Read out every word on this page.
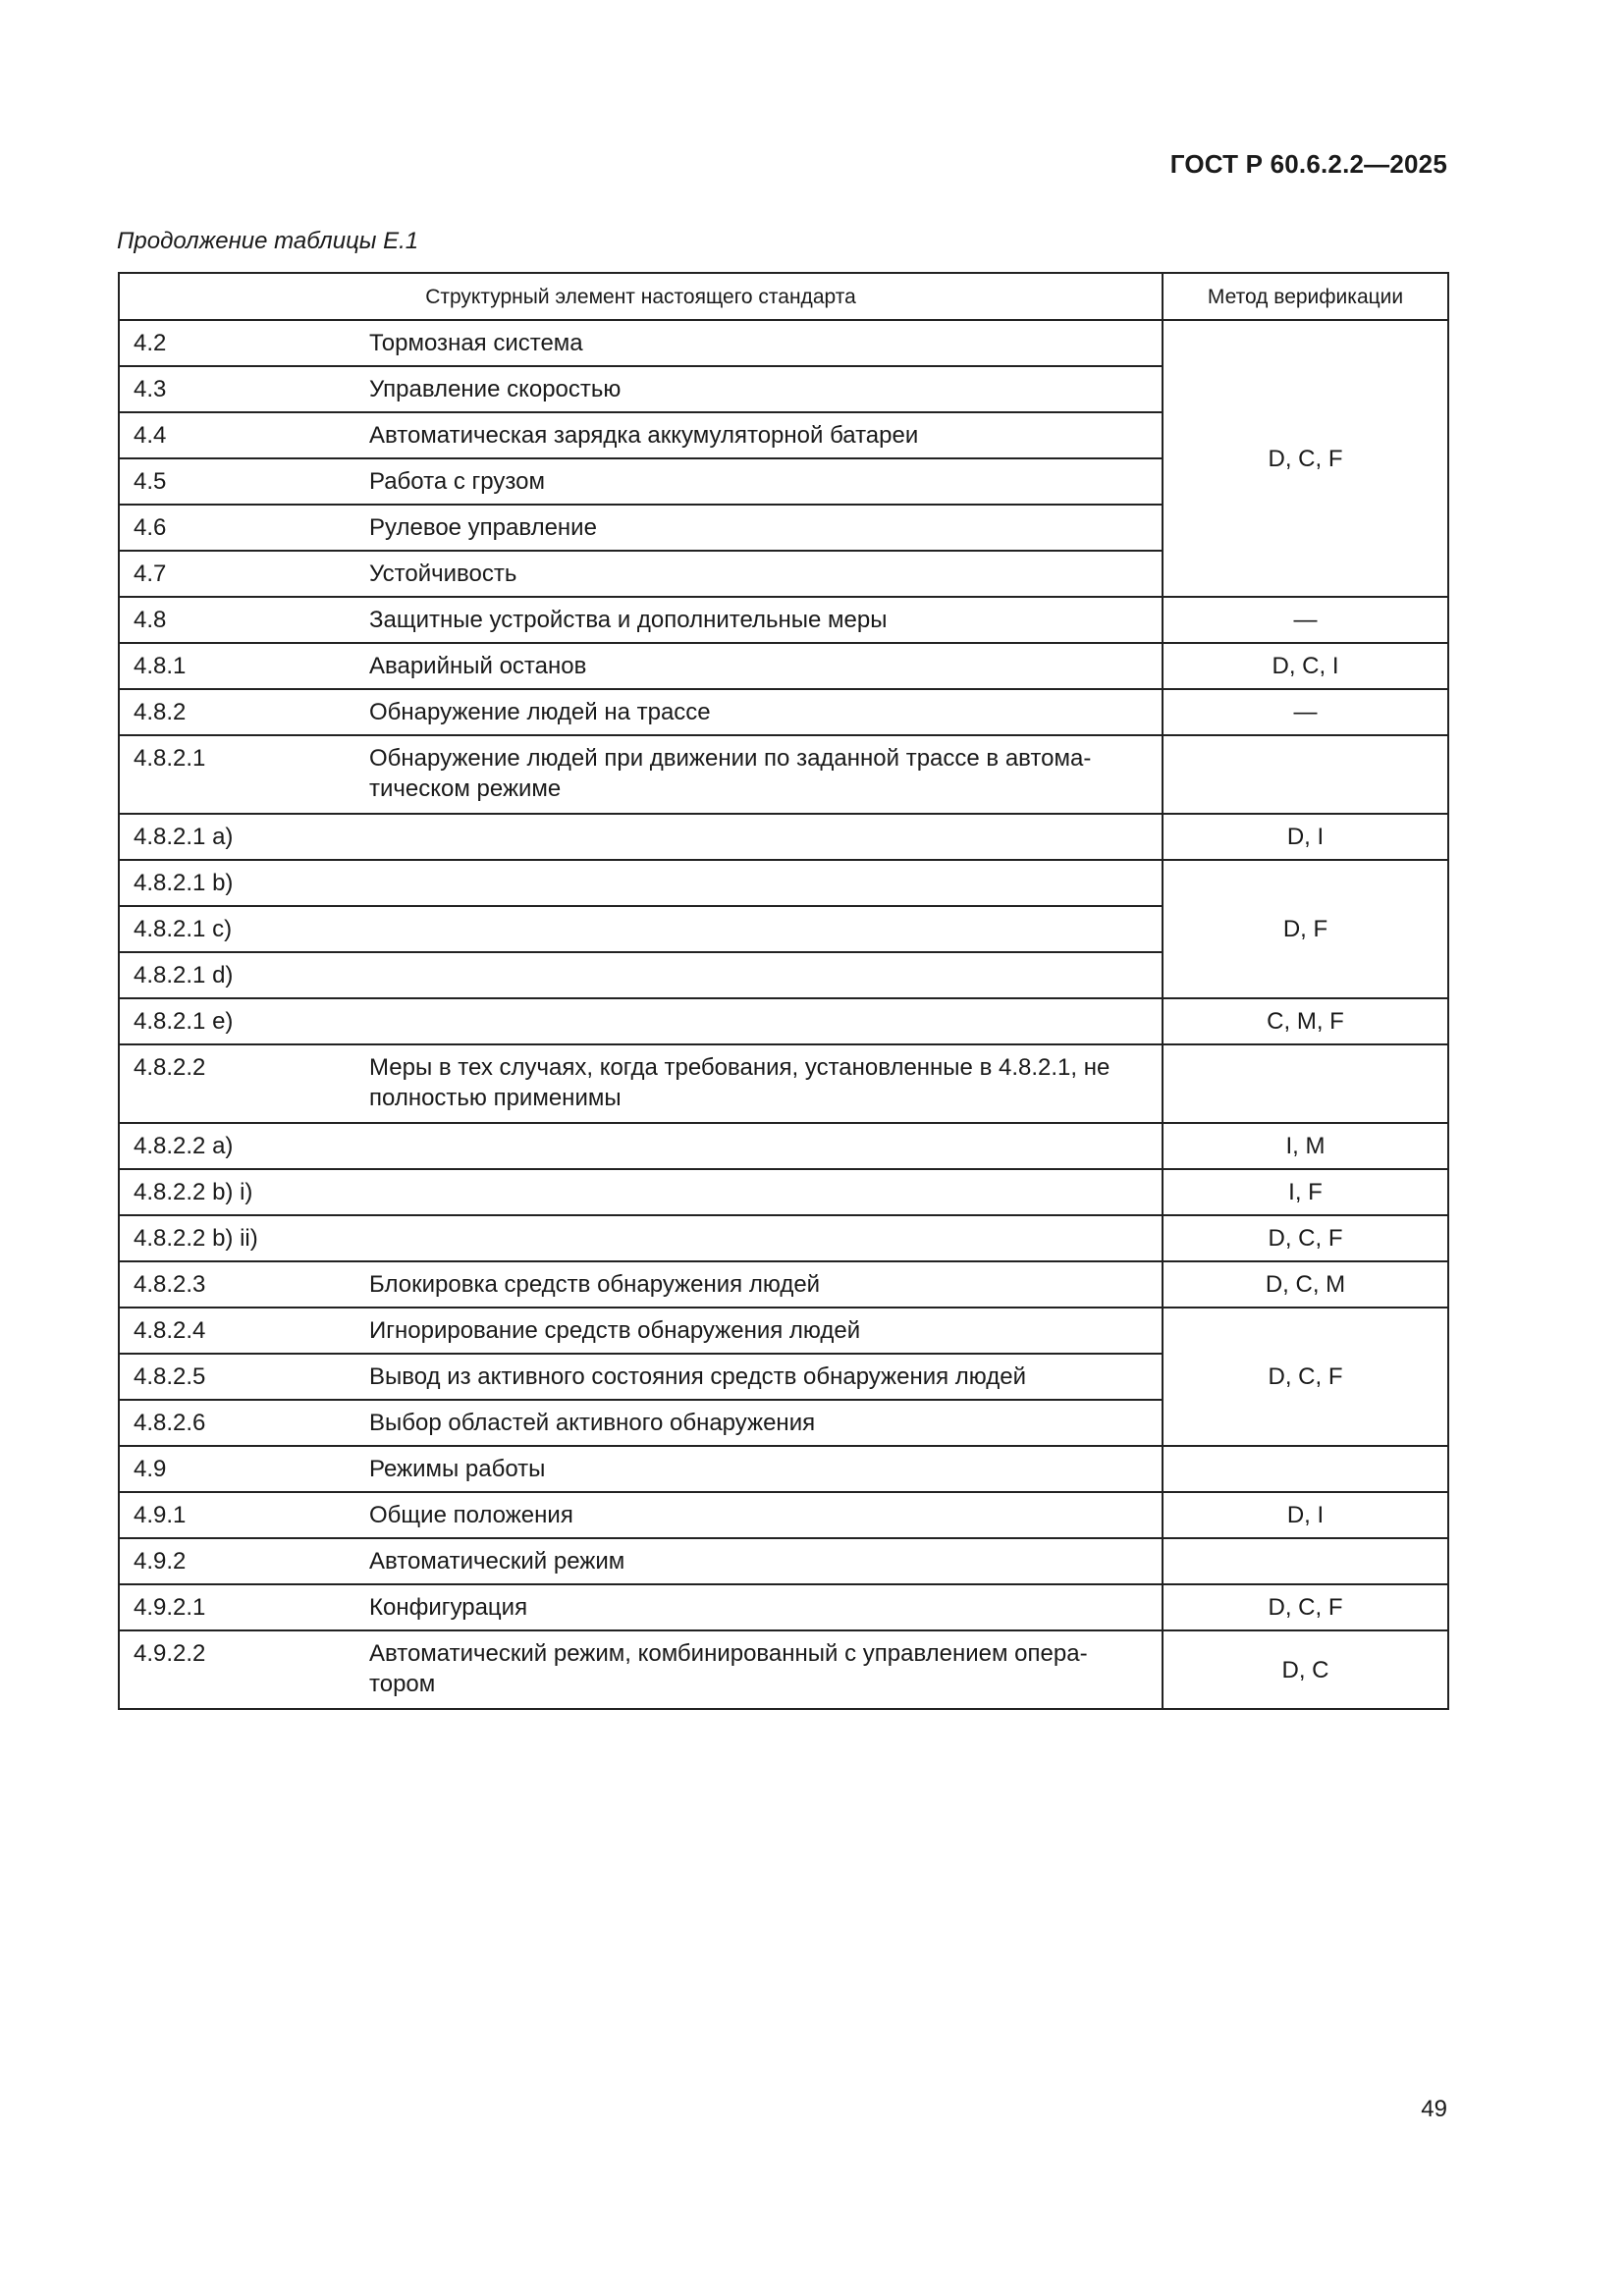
ГОСТ Р 60.6.2.2—2025
Продолжение таблицы Е.1
Структурный элемент настоящего стандарта	Метод верификации

4.2 Тормозная система	D, C, F

4.3 Управление скоростью	

4.4 Автоматическая зарядка аккумуляторной батареи	

4.5 Работа с грузом	

4.6 Рулевое управление	

4.7 Устойчивость	

4.8 Защитные устройства и дополнительные меры	—

4.8.1 Аварийный останов	D, C, I

4.8.2 Обнаружение людей на трассе	—

4.8.2.1 Обнаружение людей при движении по заданной трассе в автома-
тическом режиме	

4.8.2.1 a)	D, I

4.8.2.1 b)	D, F

4.8.2.1 c)	

4.8.2.1 d)	

4.8.2.1 e)	C, M, F

4.8.2.2 Меры в тех случаях, когда требования, установленные в 4.8.2.1, не
полностью применимы	

4.8.2.2 a)	I, M

4.8.2.2 b) i)	I, F

4.8.2.2 b) ii)	D, C, F

4.8.2.3 Блокировка средств обнаружения людей	D, C, M

4.8.2.4 Игнорирование средств обнаружения людей	D, C, F

4.8.2.5 Вывод из активного состояния средств обнаружения людей	

4.8.2.6 Выбор областей активного обнаружения	

4.9 Режимы работы	

4.9.1 Общие положения	D, I

4.9.2 Автоматический режим	

4.9.2.1 Конфигурация	D, C, F

4.9.2.2 Автоматический режим, комбинированный с управлением опера-
тором	D, C
49
